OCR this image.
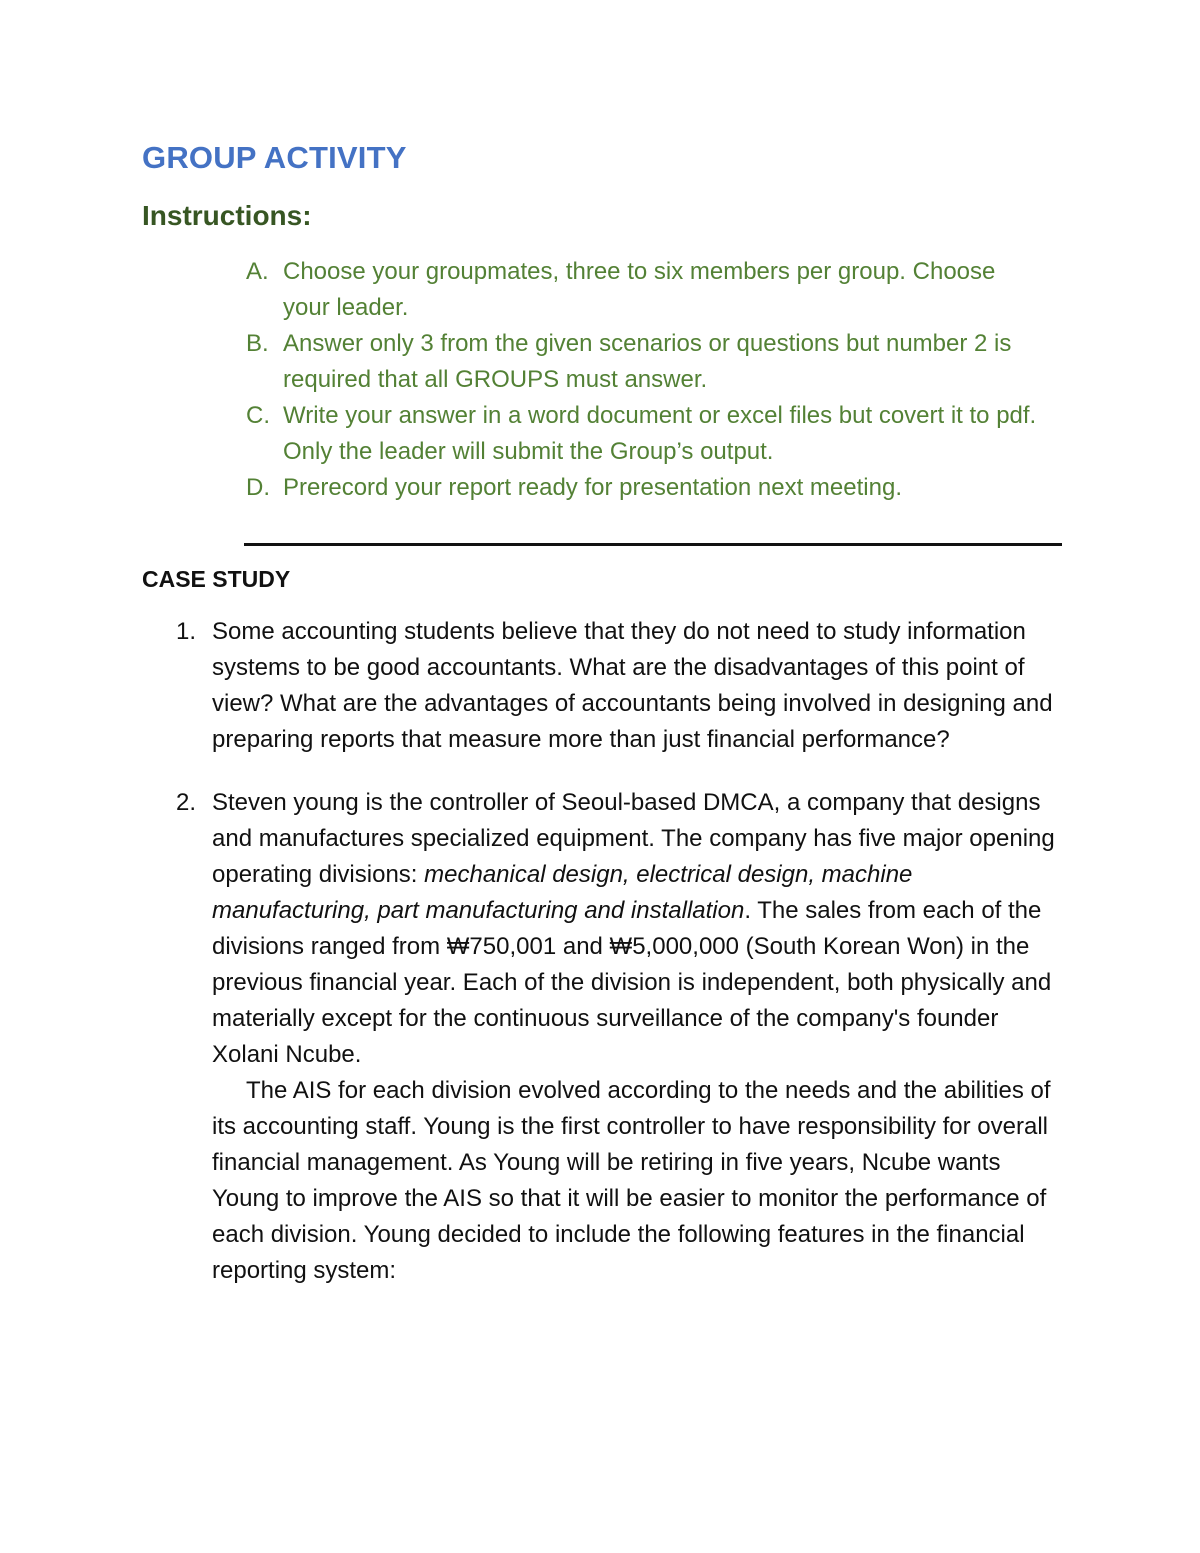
GROUP ACTIVITY
Instructions:
A. Choose your groupmates, three to six members per group. Choose your leader.
B. Answer only 3 from the given scenarios or questions but number 2 is required that all GROUPS must answer.
C. Write your answer in a word document or excel files but covert it to pdf. Only the leader will submit the Group’s output.
D. Prerecord your report ready for presentation next meeting.
CASE STUDY
1. Some accounting students believe that they do not need to study information systems to be good accountants. What are the disadvantages of this point of view? What are the advantages of accountants being involved in designing and preparing reports that measure more than just financial performance?

2. Steven young is the controller of Seoul-based DMCA, a company that designs and manufactures specialized equipment. The company has five major opening operating divisions: mechanical design, electrical design, machine manufacturing, part manufacturing and installation. The sales from each of the divisions ranged from ₩750,001 and ₩5,000,000 (South Korean Won) in the previous financial year. Each of the division is independent, both physically and materially except for the continuous surveillance of the company's founder Xolani Ncube.

The AIS for each division evolved according to the needs and the abilities of its accounting staff. Young is the first controller to have responsibility for overall financial management. As Young will be retiring in five years, Ncube wants Young to improve the AIS so that it will be easier to monitor the performance of each division. Young decided to include the following features in the financial reporting system:
